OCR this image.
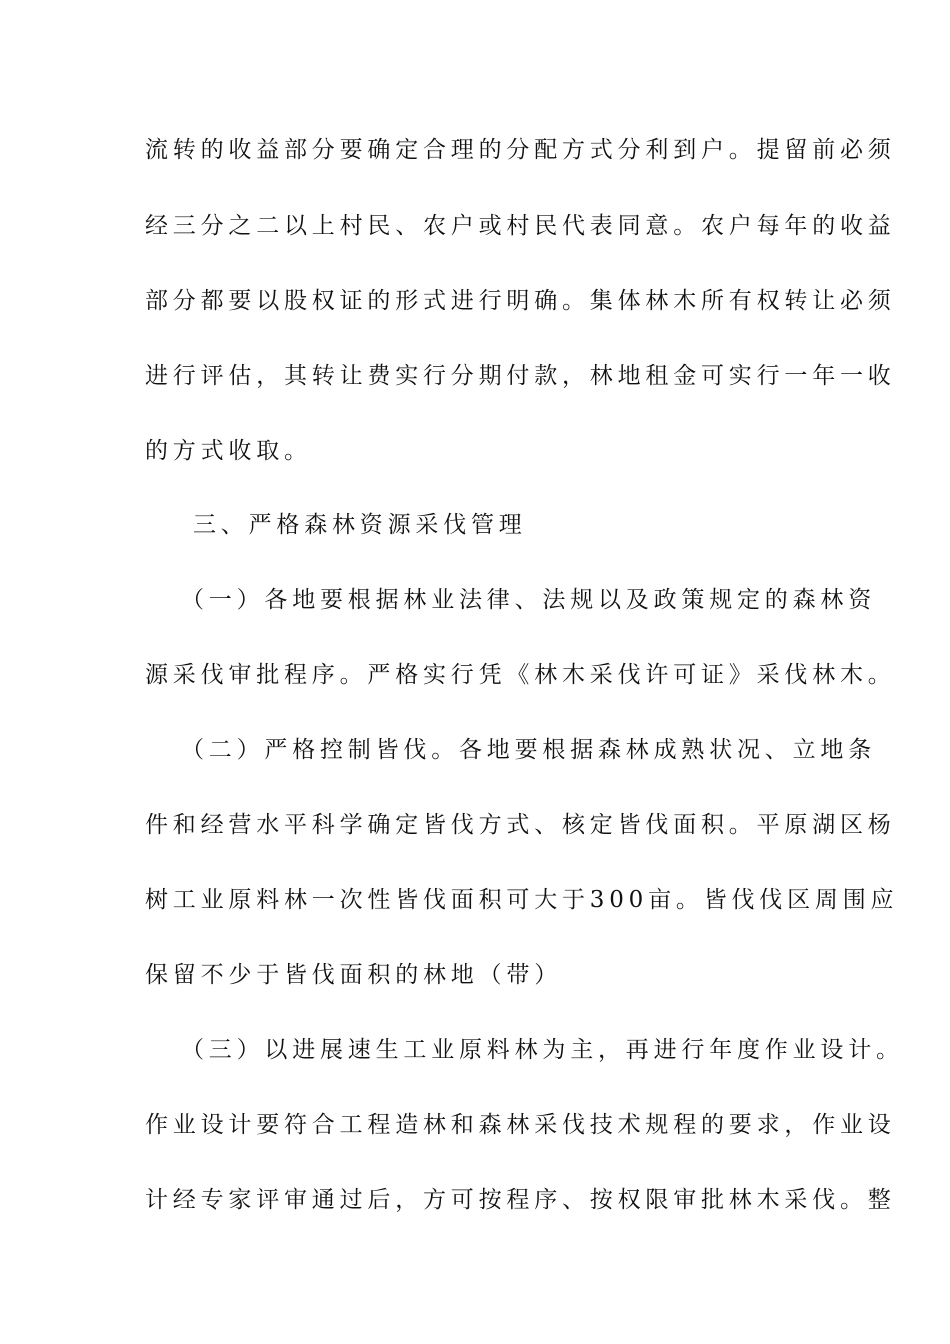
流转的收益部分要确定合理的分配方式分利到户。提留前必须
经三分之二以上村民、农户或村民代表同意。农户每年的收益
部分都要以股权证的形式进行明确。集体林木所有权转让必须
进行评估，其转让费实行分期付款，林地租金可实行一年一收
的方式收取。
三、严格森林资源采伐管理
（一）各地要根据林业法律、法规以及政策规定的森林资
源采伐审批程序。严格实行凭《林木采伐许可证》采伐林木。
（二）严格控制皆伐。各地要根据森林成熟状况、立地条
件和经营水平科学确定皆伐方式、核定皆伐面积。平原湖区杨
树工业原料林一次性皆伐面积可大于300亩。皆伐伐区周围应
保留不少于皆伐面积的林地（带）
（三）以进展速生工业原料林为主，再进行年度作业设计。
作业设计要符合工程造林和森林采伐技术规程的要求，作业设
计经专家评审通过后，方可按程序、按权限审批林木采伐。整
